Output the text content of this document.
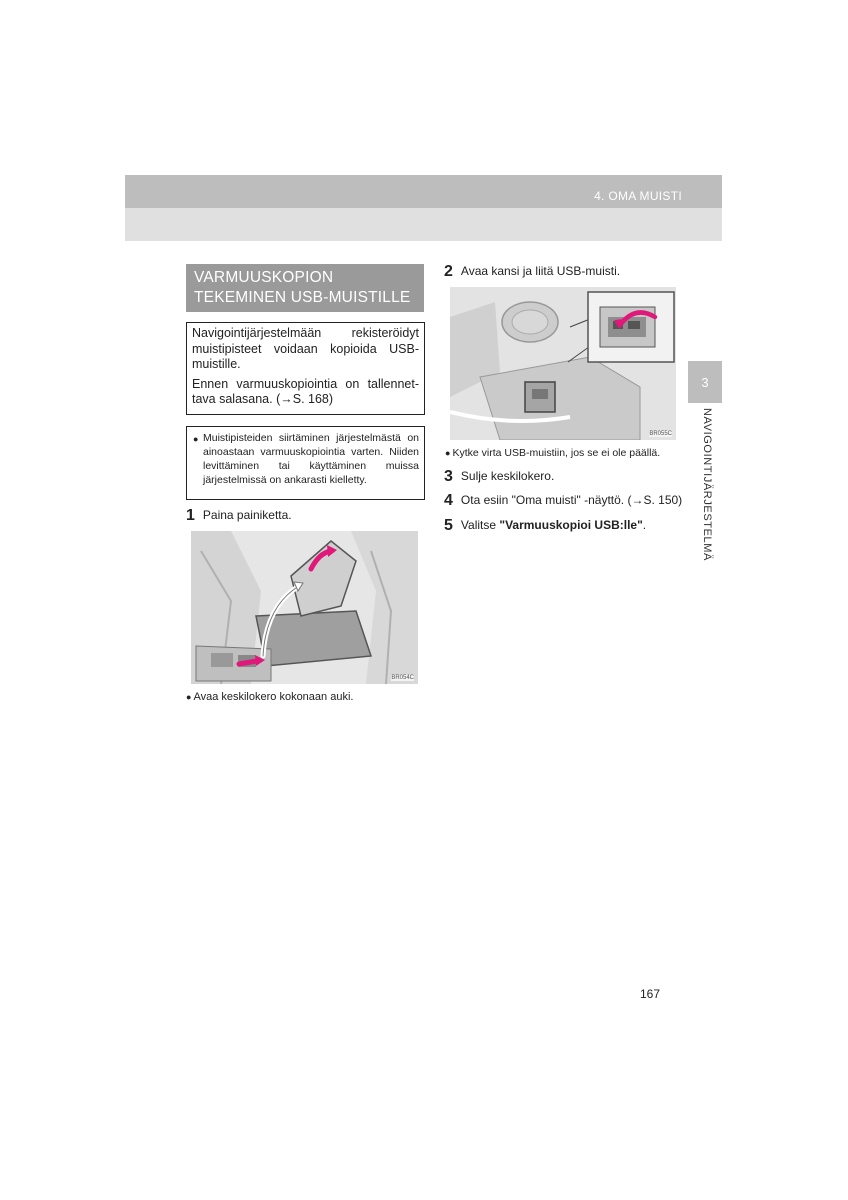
4. OMA MUISTI
3
NAVIGOINTIJÄRJESTELMÄ
VARMUUSKOPION
TEKEMINEN USB-MUISTILLE

Navigointijärjestelmään rekisteröidyt muistipisteet voidaan kopioida USB-muistille.

Ennen varmuuskopiointia on tallennet-tava salasana. (→S. 168)

● Muistipisteiden siirtäminen järjestelmästä on ainoastaan varmuuskopiointia varten. Niiden levittäminen tai käyttäminen muissa järjestelmissä on ankarasti kielletty.
1 Paina painiketta.
BR054C
● Avaa keskilokero kokonaan auki.
2 Avaa kansi ja liitä USB-muisti.
BR055C
● Kytke virta USB-muistiin, jos se ei ole päällä.
3 Sulje keskilokero.
4 Ota esiin "Oma muisti" -näyttö. (→S. 150)
5 Valitse "Varmuuskopioi USB:lle".
167
